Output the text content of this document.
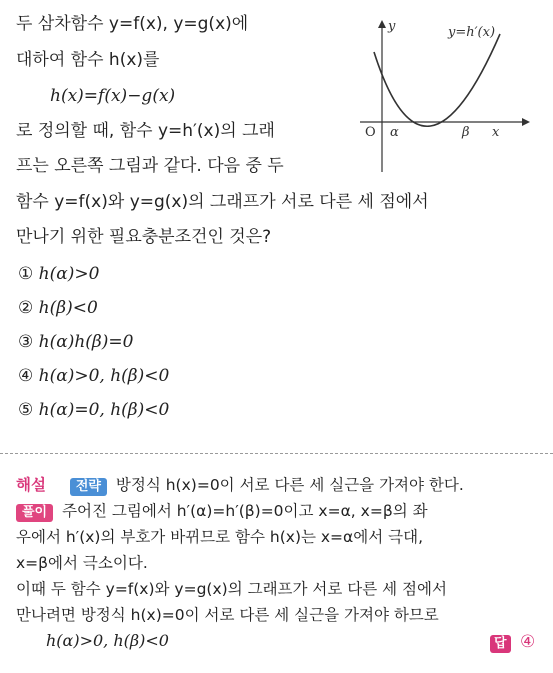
두 삼차함수 y=f(x), y=g(x)에
대하여 함수 h(x)를
h(x)=f(x)−g(x)
로 정의할 때, 함수 y=h′(x)의 그래
프는 오른쪽 그림과 같다. 다음 중 두
함수 y=f(x)와 y=g(x)의 그래프가 서로 다른 세 점에서
만나기 위한 필요충분조건인 것은?
y	y=h′(x)
O α	β x
① h(α)>0
② h(β)<0
③ h(α)h(β)=0
④ h(α)>0, h(β)<0
⑤ h(α)=0, h(β)<0
해설 전략 방정식 h(x)=0이 서로 다른 세 실근을 가져야 한다.
풀이 주어진 그림에서 h′(α)=h′(β)=0이고 x=α, x=β의 좌
우에서 h′(x)의 부호가 바뀌므로 함수 h(x)는 x=α에서 극대,
x=β에서 극소이다.
이때 두 함수 y=f(x)와 y=g(x)의 그래프가 서로 다른 세 점에서
만나려면 방정식 h(x)=0이 서로 다른 세 실근을 가져야 하므로
h(α)>0, h(β)<0	답 ④
